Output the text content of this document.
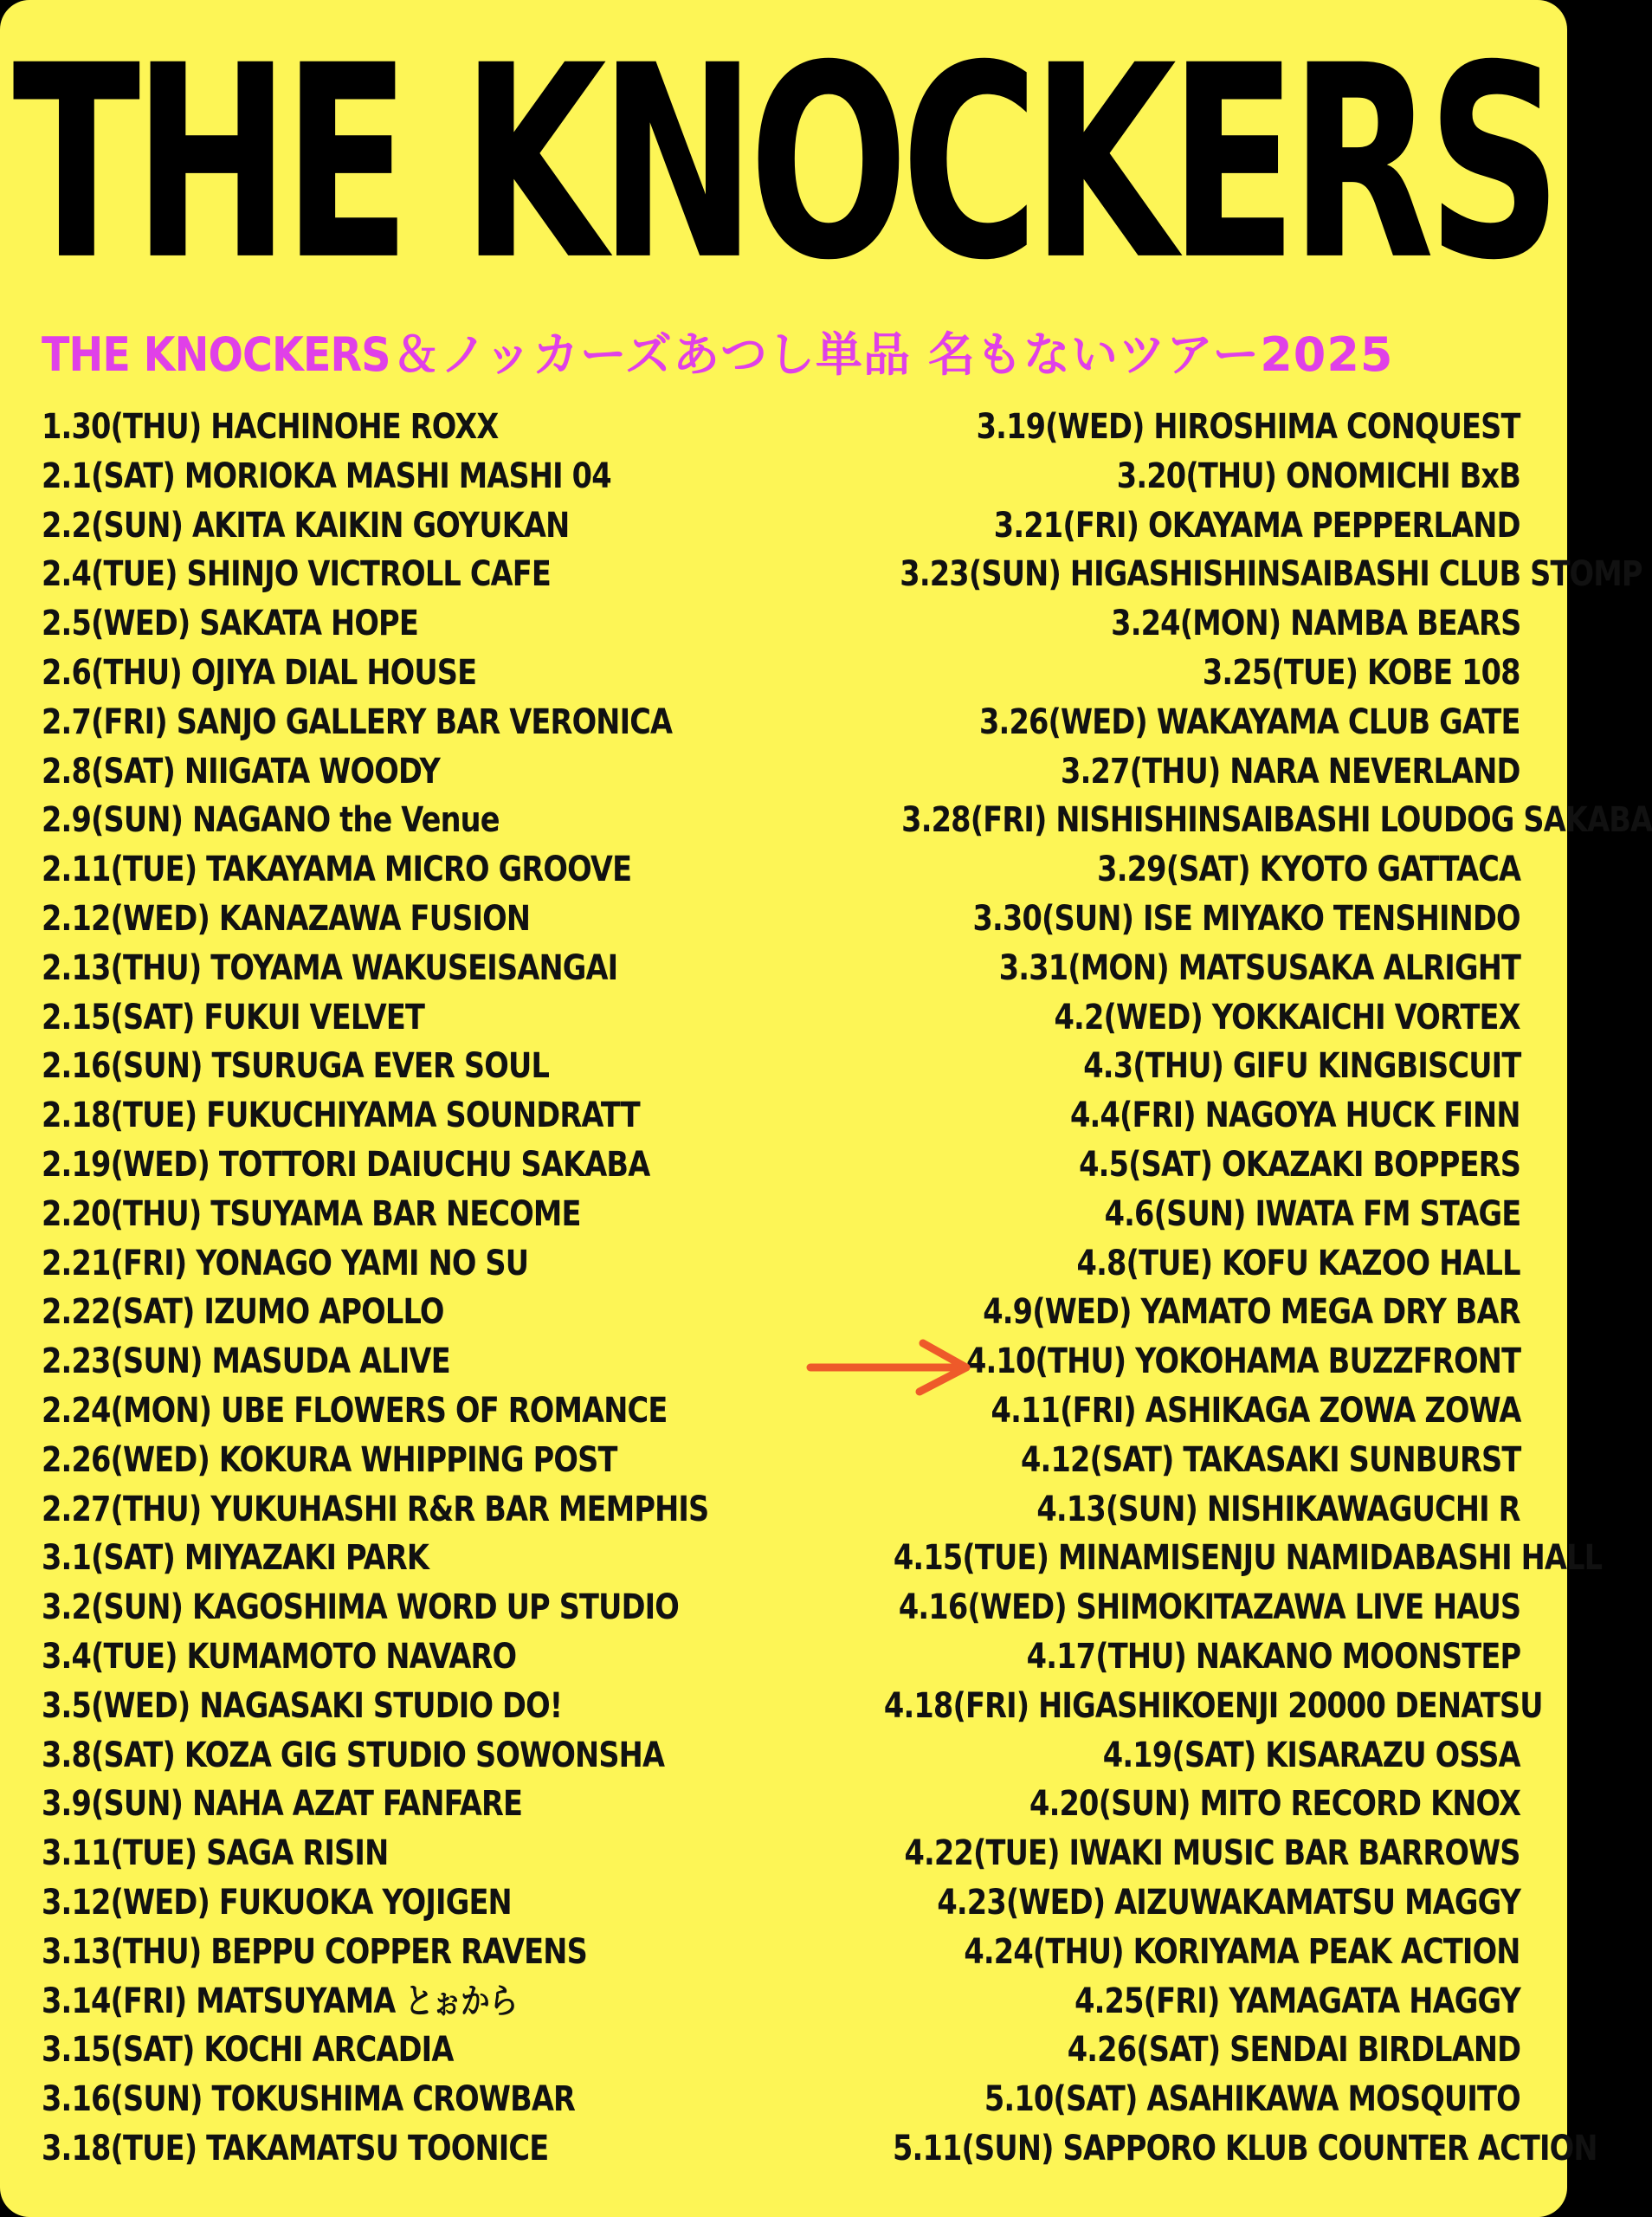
THE KNOCKERS
THE KNOCKERS ＆ノッカーズあつし単品 名もないツアー2025
1.30(THU) HACHINOHE ROXX
2.1(SAT) MORIOKA MASHI MASHI 04
2.2(SUN) AKITA KAIKIN GOYUKAN
2.4(TUE) SHINJO VICTROLL CAFE
2.5(WED) SAKATA HOPE
2.6(THU) OJIYA DIAL HOUSE
2.7(FRI) SANJO GALLERY BAR VERONICA
2.8(SAT) NIIGATA WOODY
2.9(SUN) NAGANO the Venue
2.11(TUE) TAKAYAMA MICRO GROOVE
2.12(WED) KANAZAWA FUSION
2.13(THU) TOYAMA WAKUSEISANGAI
2.15(SAT) FUKUI VELVET
2.16(SUN) TSURUGA EVER SOUL
2.18(TUE) FUKUCHIYAMA SOUNDRATT
2.19(WED) TOTTORI DAIUCHU SAKABA
2.20(THU) TSUYAMA BAR NECOME
2.21(FRI) YONAGO YAMI NO SU
2.22(SAT) IZUMO APOLLO
2.23(SUN) MASUDA ALIVE
2.24(MON) UBE FLOWERS OF ROMANCE
2.26(WED) KOKURA WHIPPING POST
2.27(THU) YUKUHASHI R&R BAR MEMPHIS
3.1(SAT) MIYAZAKI PARK
3.2(SUN) KAGOSHIMA WORD UP STUDIO
3.4(TUE) KUMAMOTO NAVARO
3.5(WED) NAGASAKI STUDIO DO!
3.8(SAT) KOZA GIG STUDIO SOWONSHA
3.9(SUN) NAHA AZAT FANFARE
3.11(TUE) SAGA RISIN
3.12(WED) FUKUOKA YOJIGEN
3.13(THU) BEPPU COPPER RAVENS
3.14(FRI) MATSUYAMA とぉから
3.15(SAT) KOCHI ARCADIA
3.16(SUN) TOKUSHIMA CROWBAR
3.18(TUE) TAKAMATSU TOONICE
3.19(WED) HIROSHIMA CONQUEST
3.20(THU) ONOMICHI BxB
3.21(FRI) OKAYAMA PEPPERLAND
3.23(SUN) HIGASHISHINSAIBASHI CLUB STOMP
3.24(MON) NAMBA BEARS
3.25(TUE) KOBE 108
3.26(WED) WAKAYAMA CLUB GATE
3.27(THU) NARA NEVERLAND
3.28(FRI) NISHISHINSAIBASHI LOUDOG SAKABA
3.29(SAT) KYOTO GATTACA
3.30(SUN) ISE MIYAKO TENSHINDO
3.31(MON) MATSUSAKA ALRIGHT
4.2(WED) YOKKAICHI VORTEX
4.3(THU) GIFU KINGBISCUIT
4.4(FRI) NAGOYA HUCK FINN
4.5(SAT) OKAZAKI BOPPERS
4.6(SUN) IWATA FM STAGE
4.8(TUE) KOFU KAZOO HALL
4.9(WED) YAMATO MEGA DRY BAR
4.10(THU) YOKOHAMA BUZZFRONT
4.11(FRI) ASHIKAGA ZOWA ZOWA
4.12(SAT) TAKASAKI SUNBURST
4.13(SUN) NISHIKAWAGUCHI R
4.15(TUE) MINAMISENJU NAMIDABASHI HALL
4.16(WED) SHIMOKITAZAWA LIVE HAUS
4.17(THU) NAKANO MOONSTEP
4.18(FRI) HIGASHIKOENJI 20000 DENATSU
4.19(SAT) KISARAZU OSSA
4.20(SUN) MITO RECORD KNOX
4.22(TUE) IWAKI MUSIC BAR BARROWS
4.23(WED) AIZUWAKAMATSU MAGGY
4.24(THU) KORIYAMA PEAK ACTION
4.25(FRI) YAMAGATA HAGGY
4.26(SAT) SENDAI BIRDLAND
5.10(SAT) ASAHIKAWA MOSQUITO
5.11(SUN) SAPPORO KLUB COUNTER ACTION
